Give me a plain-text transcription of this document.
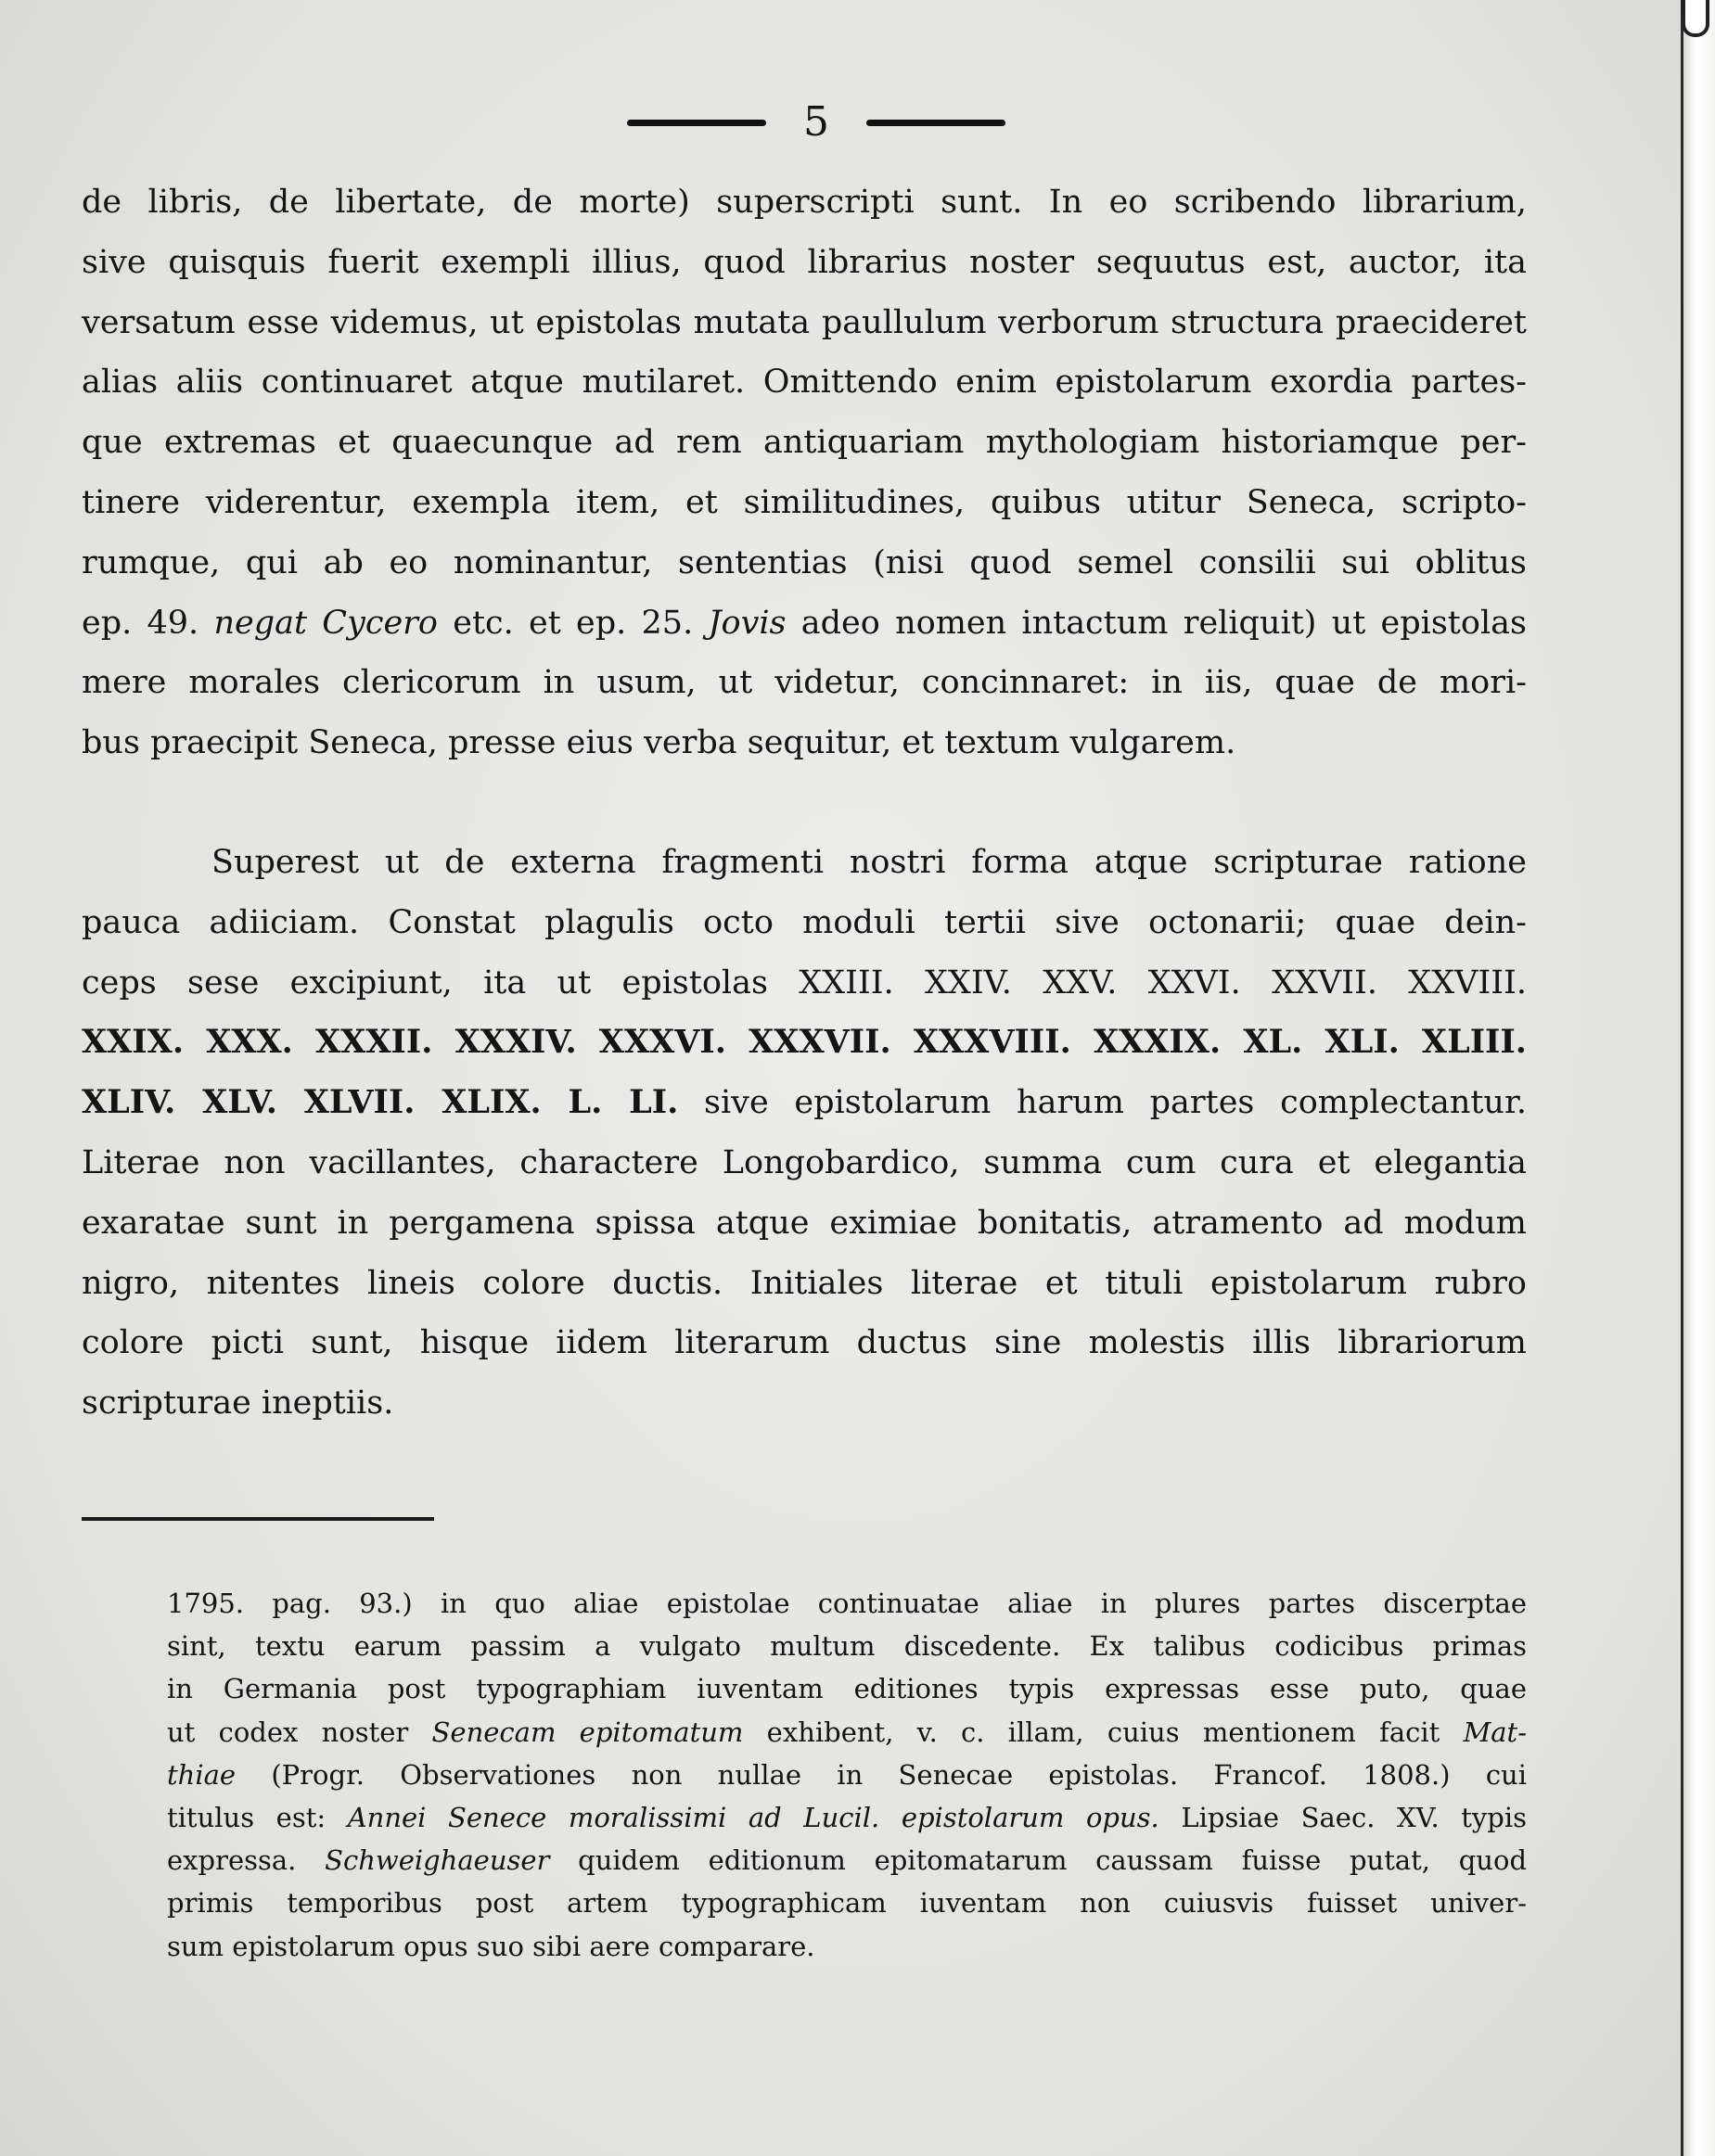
5
de libris, de libertate, de morte) superscripti sunt. In eo scribendo librarium,
sive quisquis fuerit exempli illius, quod librarius noster sequutus est, auctor, ita
versatum esse videmus, ut epistolas mutata paullulum verborum structura praecideret
alias aliis continuaret atque mutilaret. Omittendo enim epistolarum exordia partes-
que extremas et quaecunque ad rem antiquariam mythologiam historiamque per-
tinere viderentur, exempla item, et similitudines, quibus utitur Seneca, scripto-
rumque, qui ab eo nominantur, sententias (nisi quod semel consilii sui oblitus
ep. 49. negat Cycero etc. et ep. 25. Jovis adeo nomen intactum reliquit) ut epistolas
mere morales clericorum in usum, ut videtur, concinnaret: in iis, quae de mori-
bus praecipit Seneca, presse eius verba sequitur, et textum vulgarem.
Superest ut de externa fragmenti nostri forma atque scripturae ratione
pauca adiiciam. Constat plagulis octo moduli tertii sive octonarii; quae dein-
ceps sese excipiunt, ita ut epistolas XXIII. XXIV. XXV. XXVI. XXVII. XXVIII.
XXIX. XXX. XXXII. XXXIV. XXXVI. XXXVII. XXXVIII. XXXIX. XL. XLI. XLIII.
XLIV. XLV. XLVII. XLIX. L. LI. sive epistolarum harum partes complectantur.
Literae non vacillantes, charactere Longobardico, summa cum cura et elegantia
exaratae sunt in pergamena spissa atque eximiae bonitatis, atramento ad modum
nigro, nitentes lineis colore ductis. Initiales literae et tituli epistolarum rubro
colore picti sunt, hisque iidem literarum ductus sine molestis illis librariorum
scripturae ineptiis.
1795. pag. 93.) in quo aliae epistolae continuatae aliae in plures partes discerptae
sint, textu earum passim a vulgato multum discedente. Ex talibus codicibus primas
in Germania post typographiam iuventam editiones typis expressas esse puto, quae
ut codex noster Senecam epitomatum exhibent, v. c. illam, cuius mentionem facit Mat-
thiae (Progr. Observationes non nullae in Senecae epistolas. Francof. 1808.) cui
titulus est: Annei Senece moralissimi ad Lucil. epistolarum opus. Lipsiae Saec. XV. typis
expressa. Schweighaeuser quidem editionum epitomatarum caussam fuisse putat, quod
primis temporibus post artem typographicam iuventam non cuiusvis fuisset univer-
sum epistolarum opus suo sibi aere comparare.
